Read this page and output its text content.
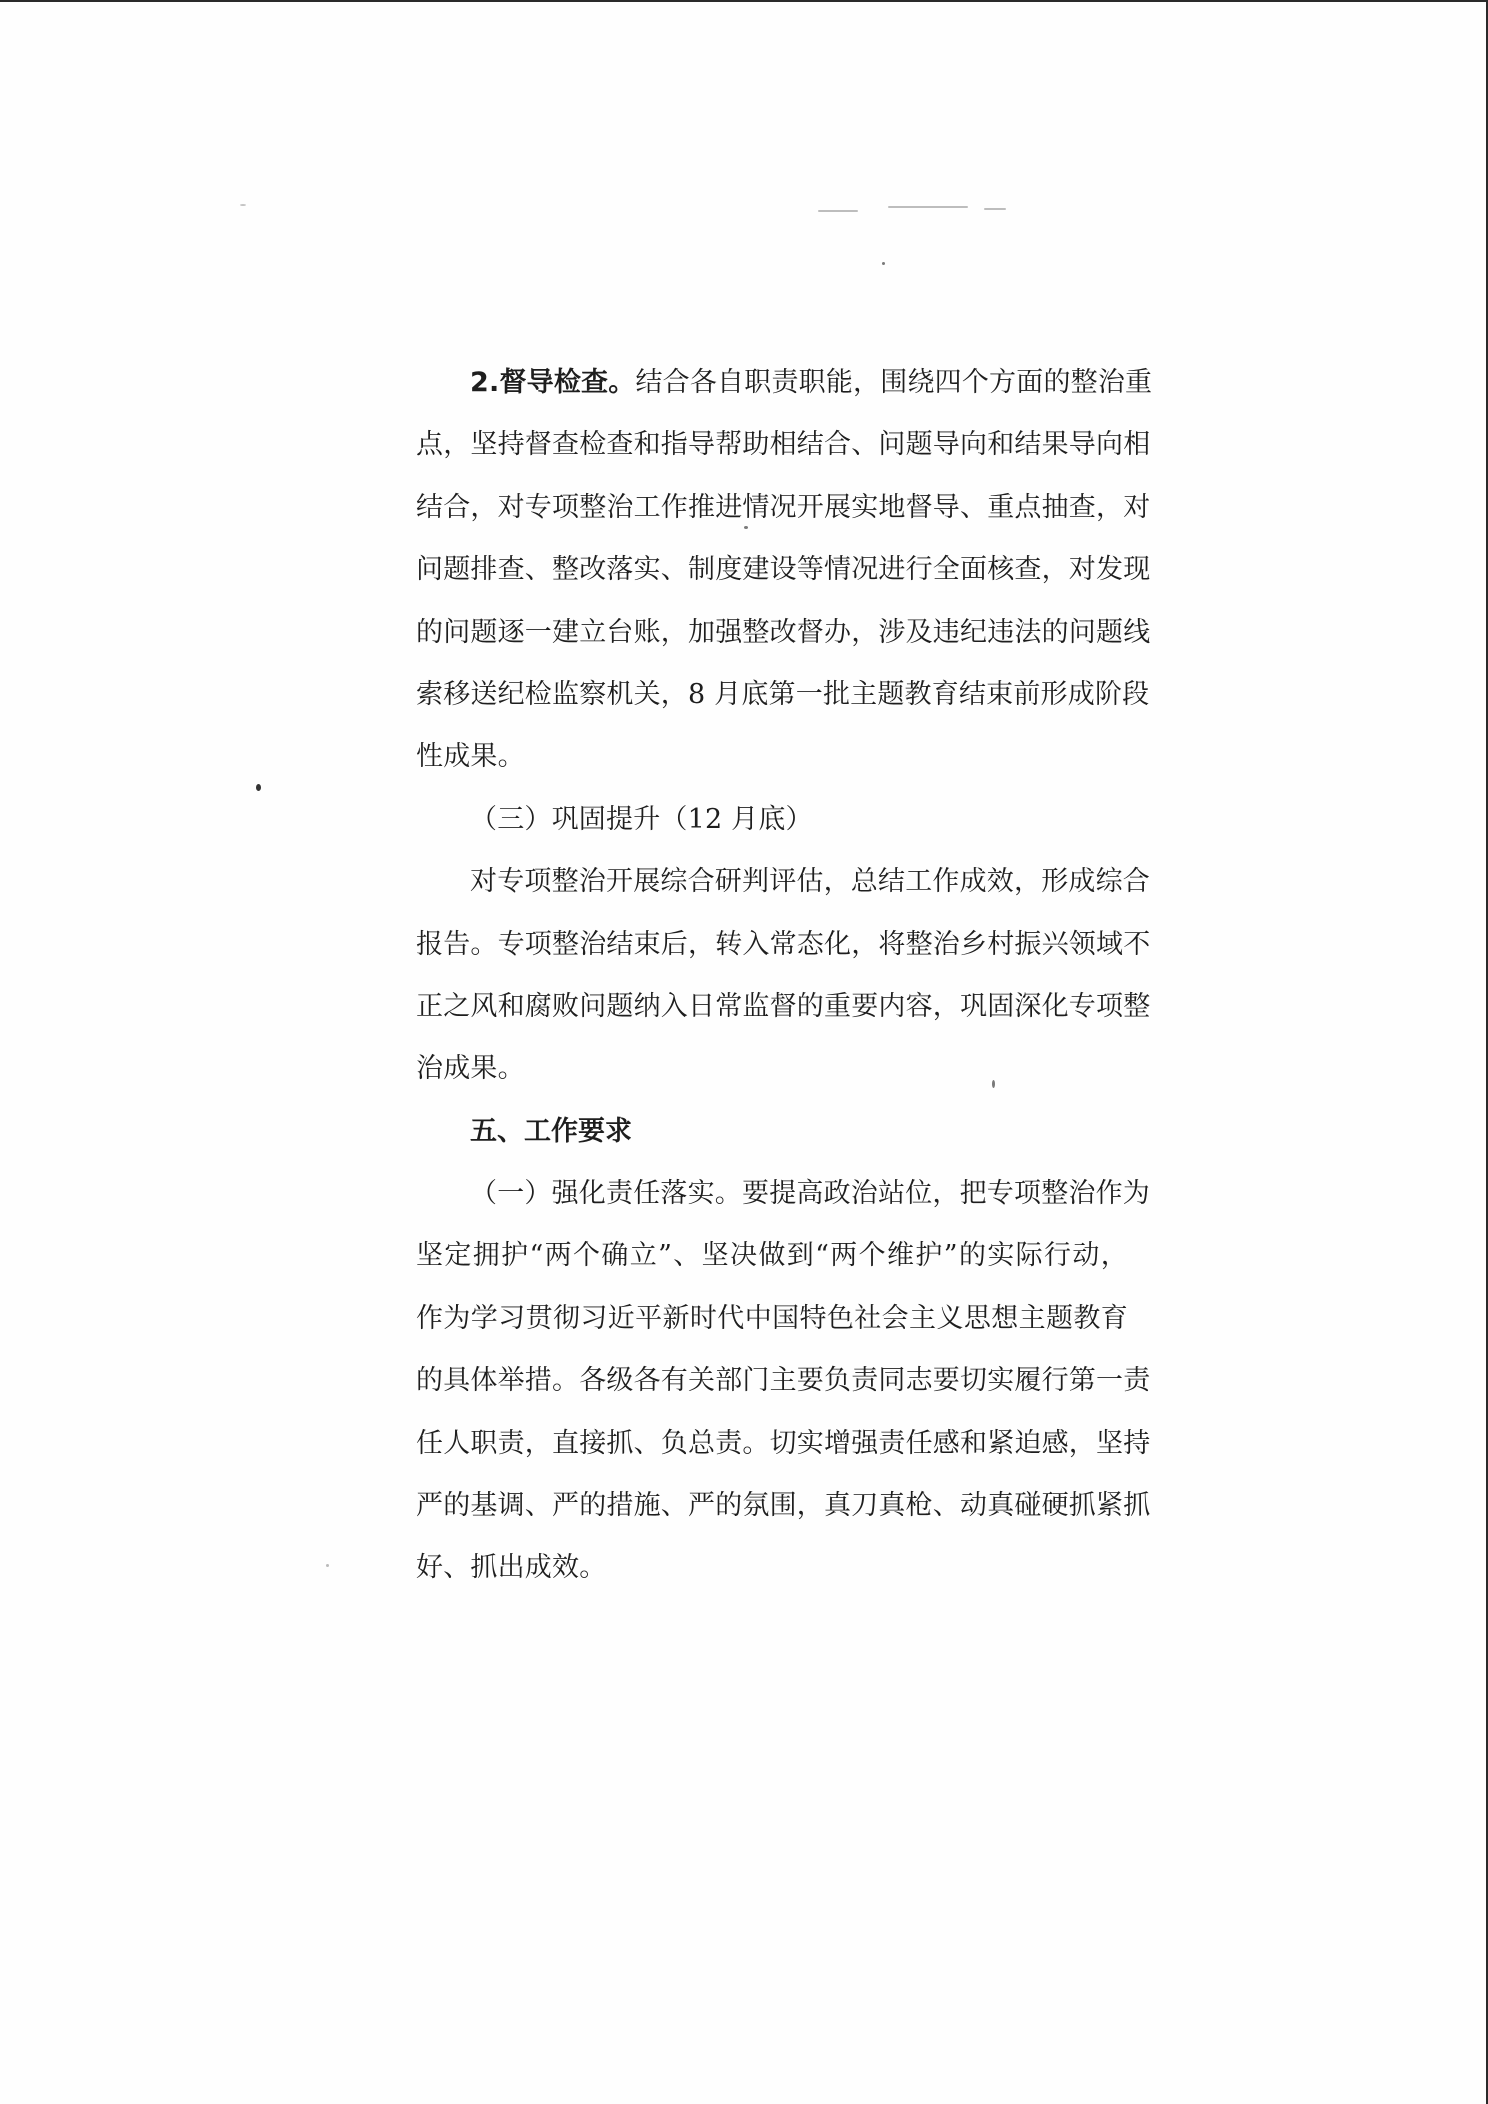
2.督导检查。结合各自职责职能，围绕四个方面的整治重
点，坚持督查检查和指导帮助相结合、问题导向和结果导向相
结合，对专项整治工作推进情况开展实地督导、重点抽查，对
问题排查、整改落实、制度建设等情况进行全面核查，对发现
的问题逐一建立台账，加强整改督办，涉及违纪违法的问题线
索移送纪检监察机关，8 月底第一批主题教育结束前形成阶段
性成果。
（三）巩固提升（12 月底）
对专项整治开展综合研判评估，总结工作成效，形成综合
报告。专项整治结束后，转入常态化，将整治乡村振兴领域不
正之风和腐败问题纳入日常监督的重要内容，巩固深化专项整
治成果。
五、工作要求
（一）强化责任落实。要提高政治站位，把专项整治作为
坚定拥护“两个确立”、坚决做到“两个维护”的实际行动，
作为学习贯彻习近平新时代中国特色社会主义思想主题教育
的具体举措。各级各有关部门主要负责同志要切实履行第一责
任人职责，直接抓、负总责。切实增强责任感和紧迫感，坚持
严的基调、严的措施、严的氛围，真刀真枪、动真碰硬抓紧抓
好、抓出成效。
